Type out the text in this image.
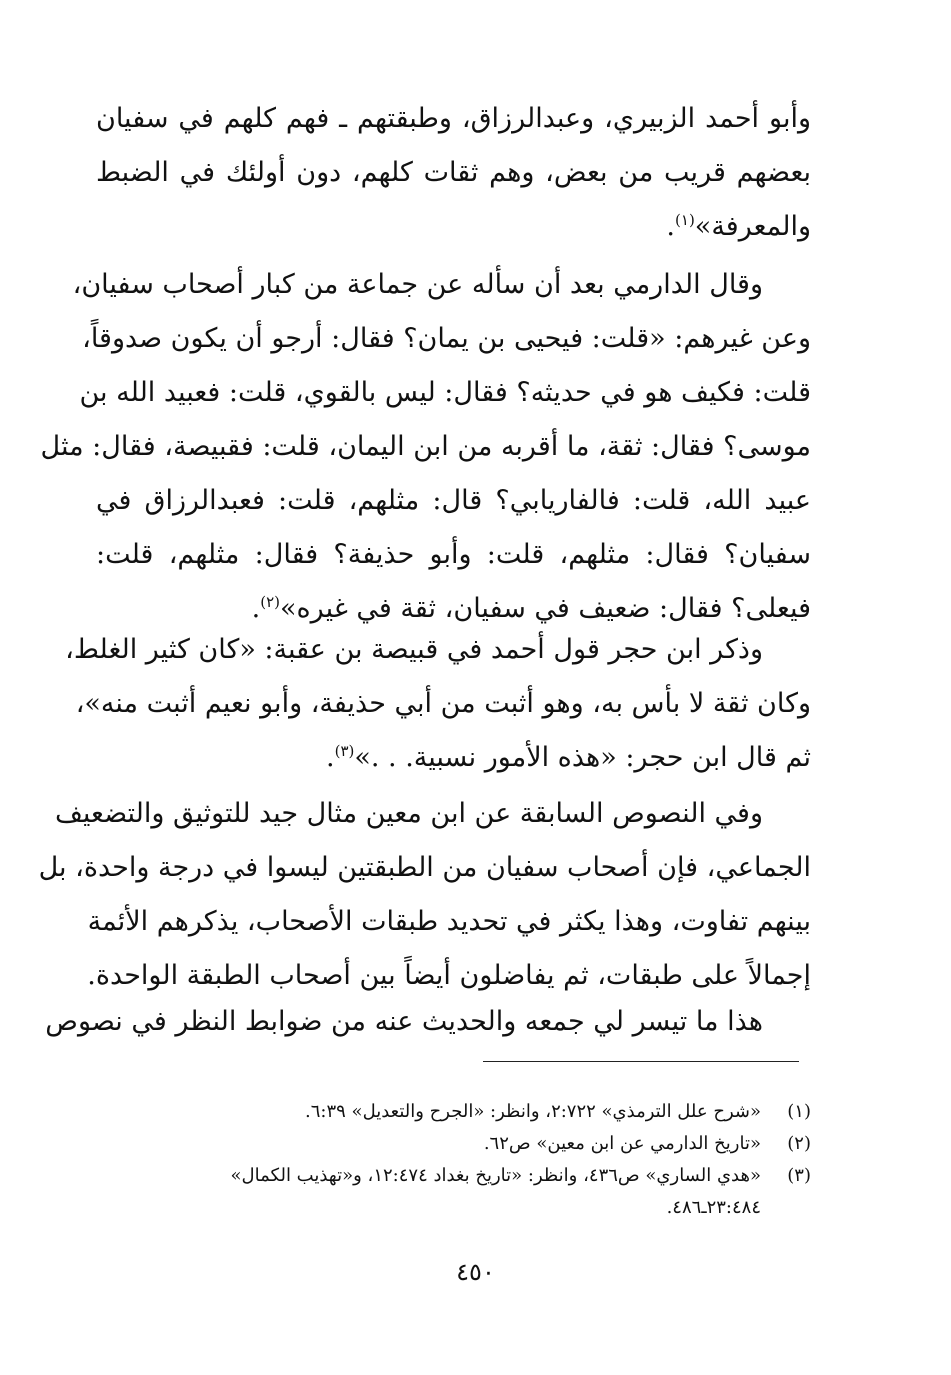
وأبو أحمد الزبيري، وعبدالرزاق، وطبقتهم ـ فهم كلهم في سفيان
بعضهم قريب من بعض، وهم ثقات كلهم، دون أولئك في الضبط
والمعرفة»$^{(١)}$.
وقال الدارمي بعد أن سأله عن جماعة من كبار أصحاب سفيان،
وعن غيرهم: «قلت: فيحيى بن يمان؟ فقال: أرجو أن يكون صدوقاً،
قلت: فكيف هو في حديثه؟ فقال: ليس بالقوي، قلت: فعبيد الله بن
موسى؟ فقال: ثقة، ما أقربه من ابن اليمان، قلت: فقبيصة، فقال: مثل
عبيد الله، قلت: فالفاريابي؟ قال: مثلهم، قلت: فعبدالرزاق في
سفيان؟ فقال: مثلهم، قلت: وأبو حذيفة؟ فقال: مثلهم، قلت:
فيعلى؟ فقال: ضعيف في سفيان، ثقة في غيره»$^{(٢)}$.
وذكر ابن حجر قول أحمد في قبيصة بن عقبة: «كان كثير الغلط،
وكان ثقة لا بأس به، وهو أثبت من أبي حذيفة، وأبو نعيم أثبت منه»،
ثم قال ابن حجر: «هذه الأمور نسبية. . .»$^{(٣)}$.
وفي النصوص السابقة عن ابن معين مثال جيد للتوثيق والتضعيف
الجماعي، فإن أصحاب سفيان من الطبقتين ليسوا في درجة واحدة، بل
بينهم تفاوت، وهذا يكثر في تحديد طبقات الأصحاب، يذكرهم الأئمة
إجمالاً على طبقات، ثم يفاضلون أيضاً بين أصحاب الطبقة الواحدة.
هذا ما تيسر لي جمعه والحديث عنه من ضوابط النظر في نصوص
(١)
«شرح علل الترمذي» ٢:٧٢٢، وانظر: «الجرح والتعديل» ٦:٣٩.
(٢)
«تاريخ الدارمي عن ابن معين» ص٦٢.
(٣)
«هدي الساري» ص٤٣٦، وانظر: «تاريخ بغداد ١٢:٤٧٤، و«تهذيب الكمال»
٢٣:٤٨٤ـ٤٨٦.
٤٥٠
